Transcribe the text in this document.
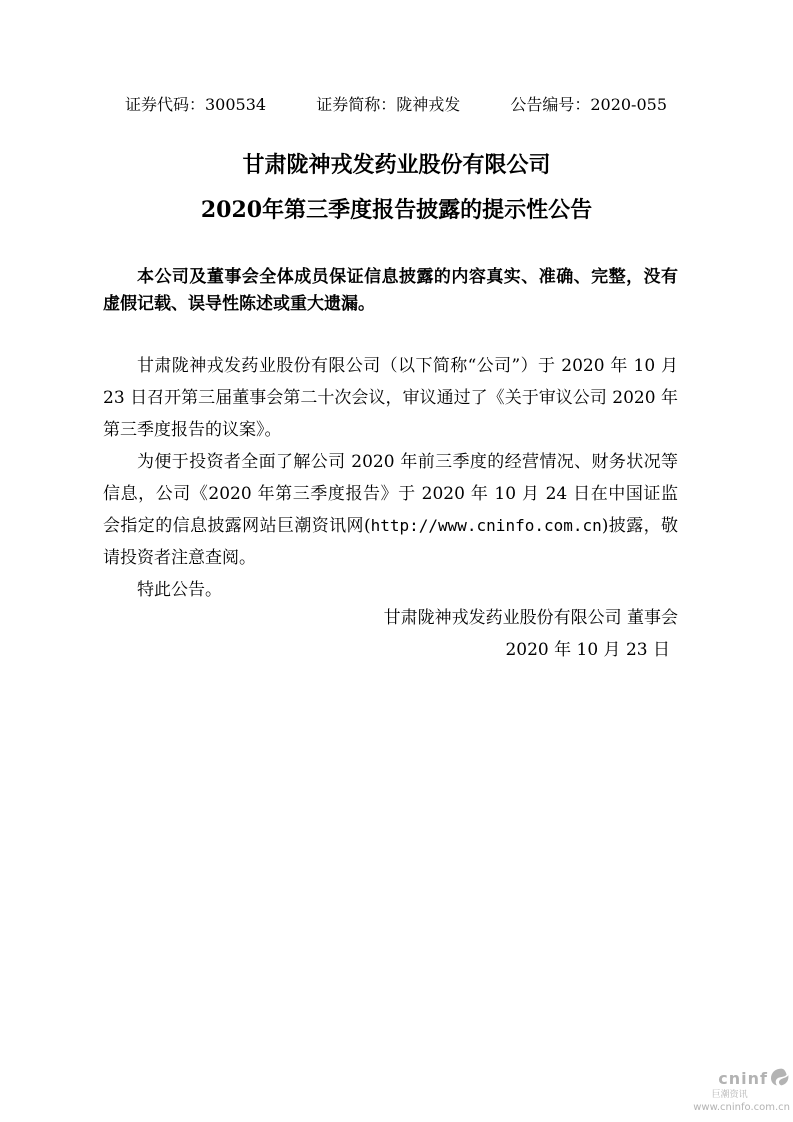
证券代码：300534	证券简称：陇神戎发	公告编号：2020-055
甘肃陇神戎发药业股份有限公司
2020年第三季度报告披露的提示性公告

本公司及董事会全体成员保证信息披露的内容真实、准确、完整，没有虚假记载、误导性陈述或重大遗漏。

甘肃陇神戎发药业股份有限公司（以下简称“公司”）于 2020 年 10 月 23 日召开第三届董事会第二十次会议，审议通过了《关于审议公司 2020 年第三季度报告的议案》。

为便于投资者全面了解公司 2020 年前三季度的经营情况、财务状况等信息，公司《2020 年第三季度报告》于 2020 年 10 月 24 日在中国证监会指定的信息披露网站巨潮资讯网(http://www.cninfo.com.cn)披露，敬请投资者注意查阅。

特此公告。

甘肃陇神戎发药业股份有限公司 董事会
2020 年 10 月 23 日
cninf
巨潮资讯
www.cninfo.com.cn
